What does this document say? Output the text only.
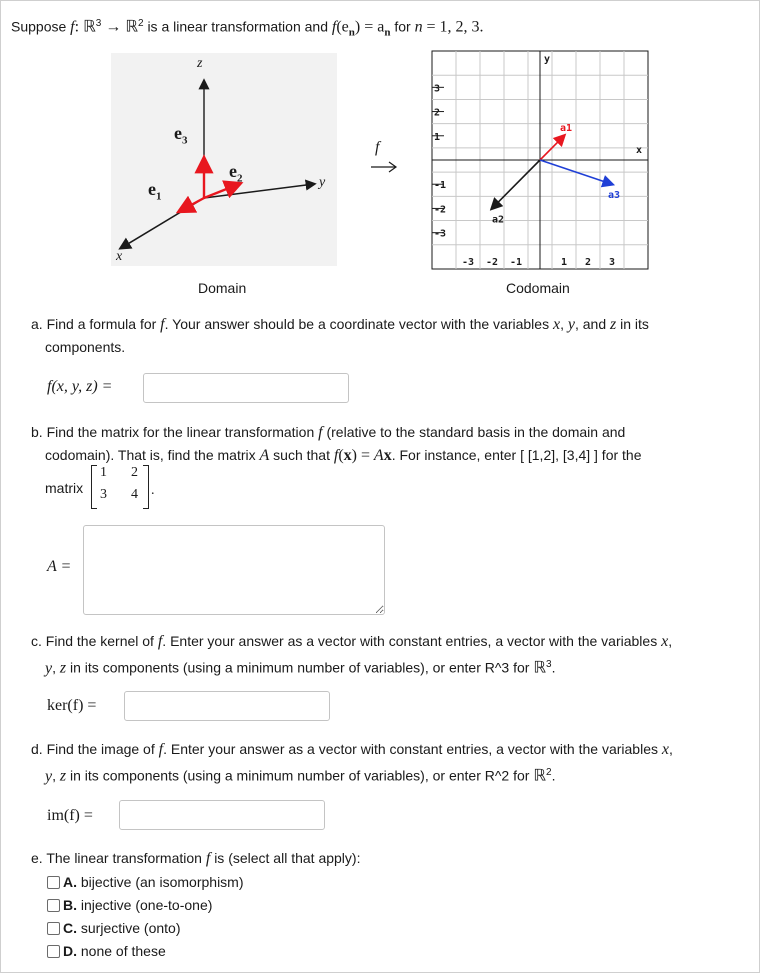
Suppose f: ℝ$^3$ → ℝ$^2$ is a linear transformation and $f(e_n) = a_n$ for n = 1, 2, 3.
z
y
x
$e_3$
$e_2$
$e_1$
f
-3 -2 -1	1 2 3
3
2
1
-1
-2
-3
x
y
a1
a2
a3
Domain	Codomain
a. Find a formula for f. Your answer should be a coordinate vector with the variables x, y, and z in its
components.
f(x, y, z) =
b. Find the matrix for the linear transformation f (relative to the standard basis in the domain and
codomain). That is, find the matrix A such that f(x) = Ax. For instance, enter [ [1,2], [3,4] ] for the
matrix
1 2
3 4 .
A =
c. Find the kernel of f. Enter your answer as a vector with constant entries, a vector with the variables x,
y, z in its components (using a minimum number of variables), or enter R^3 for ℝ$^3$.
ker(f) =
d. Find the image of f. Enter your answer as a vector with constant entries, a vector with the variables x,
y, z in its components (using a minimum number of variables), or enter R^2 for ℝ$^2$.
im(f) =
e. The linear transformation f is (select all that apply):
A.
bijective (an isomorphism)
B.
injective (one-to-one)
C.
surjective (onto)
D.
none of these
